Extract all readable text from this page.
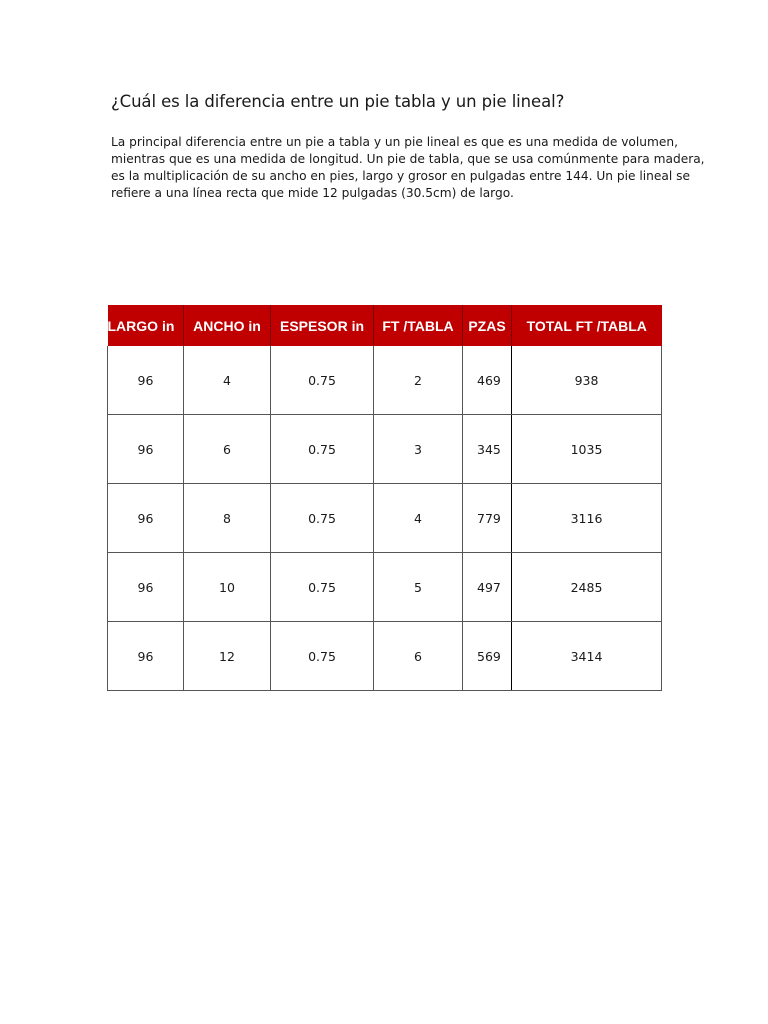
¿Cuál es la diferencia entre un pie tabla y un pie lineal?

La principal diferencia entre un pie a tabla y un pie lineal es que es una medida de volumen,
mientras que es una medida de longitud. Un pie de tabla, que se usa comúnmente para madera,
es la multiplicación de su ancho en pies, largo y grosor en pulgadas entre 144. Un pie lineal se
refiere a una línea recta que mide 12 pulgadas (30.5cm) de largo.

LARGO in	ANCHO in	ESPESOR in	FT /TABLA	PZAS	TOTAL FT /TABLA
96	4	0.75	2	469	938
96	6	0.75	3	345	1035
96	8	0.75	4	779	3116
96	10	0.75	5	497	2485
96	12	0.75	6	569	3414
